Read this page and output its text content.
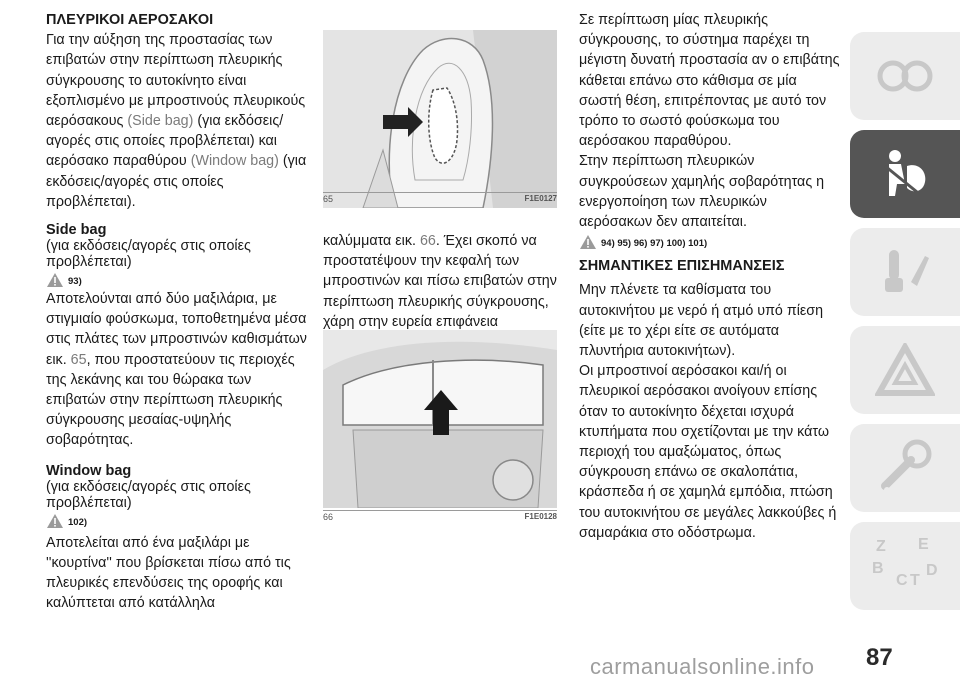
ΠΛΕΥΡΙΚΟΙ ΑΕΡΟΣΑΚΟΙ

Για την αύξηση της προστασίας των επιβατών στην περίπτωση πλευρικής σύγκρουσης το αυτοκίνητο είναι εξοπλισμένο με μπροστινούς πλευρικούς αερόσακους (Side bag) (για εκδόσεις/αγορές στις οποίες προβλέπεται) και αερόσακο παραθύρου (Window bag) (για εκδόσεις/αγορές στις οποίες προβλέπεται).

Side bag

(για εκδόσεις/αγορές στις οποίες προβλέπεται)

93)

Αποτελούνται από δύο μαξιλάρια, με στιγμιαίο φούσκωμα, τοποθετημένα μέσα στις πλάτες των μπροστινών καθισμάτων εικ. 65, που προστατεύουν τις περιοχές της λεκάνης και του θώρακα των επιβατών στην περίπτωση πλευρικής σύγκρουσης μεσαίας-υψηλής σοβαρότητας.

Window bag

(για εκδόσεις/αγορές στις οποίες προβλέπεται)

102)

Αποτελείται από ένα μαξιλάρι με ''κουρτίνα'' που βρίσκεται πίσω από τις πλευρικές επενδύσεις της οροφής και καλύπτεται από κατάλληλα

65	F1E0127
καλύμματα εικ. 66. Έχει σκοπό να προστατέψουν την κεφαλή των μπροστινών και πίσω επιβατών στην περίπτωση πλευρικής σύγκρουσης, χάρη στην ευρεία επιφάνεια
66	F1E0128

Σε περίπτωση μίας πλευρικής σύγκρουσης, το σύστημα παρέχει τη μέγιστη δυνατή προστασία αν ο επιβάτης κάθεται επάνω στο κάθισμα σε μία σωστή θέση, επιτρέποντας με αυτό τον τρόπο το σωστό φούσκωμα του αερόσακου παραθύρου.

Στην περίπτωση πλευρικών συγκρούσεων χαμηλής σοβαρότητας η ενεργοποίηση των πλευρικών αερόσακων δεν απαιτείται.

94) 95) 96) 97) 100) 101)

ΣΗΜΑΝΤΙΚΕΣ ΕΠΙΣΗΜΑΝΣΕΙΣ

Μην πλένετε τα καθίσματα του αυτοκινήτου με νερό ή ατμό υπό πίεση (είτε με το χέρι είτε σε αυτόματα πλυντήρια αυτοκινήτων).

Οι μπροστινοί αερόσακοι και/ή οι πλευρικοί αερόσακοι ανοίγουν επίσης όταν το αυτοκίνητο δέχεται ισχυρά κτυπήματα που σχετίζονται με την κάτω περιοχή του αμαξώματος, όπως σύγκρουση επάνω σε σκαλοπάτια, κράσπεδα ή σε χαμηλά εμπόδια, πτώση του αυτοκινήτου σε μεγάλες λακκούβες ή σαμαράκια στο οδόστρωμα.

Z E
B
C T
D
87
carmanualsonline.info
